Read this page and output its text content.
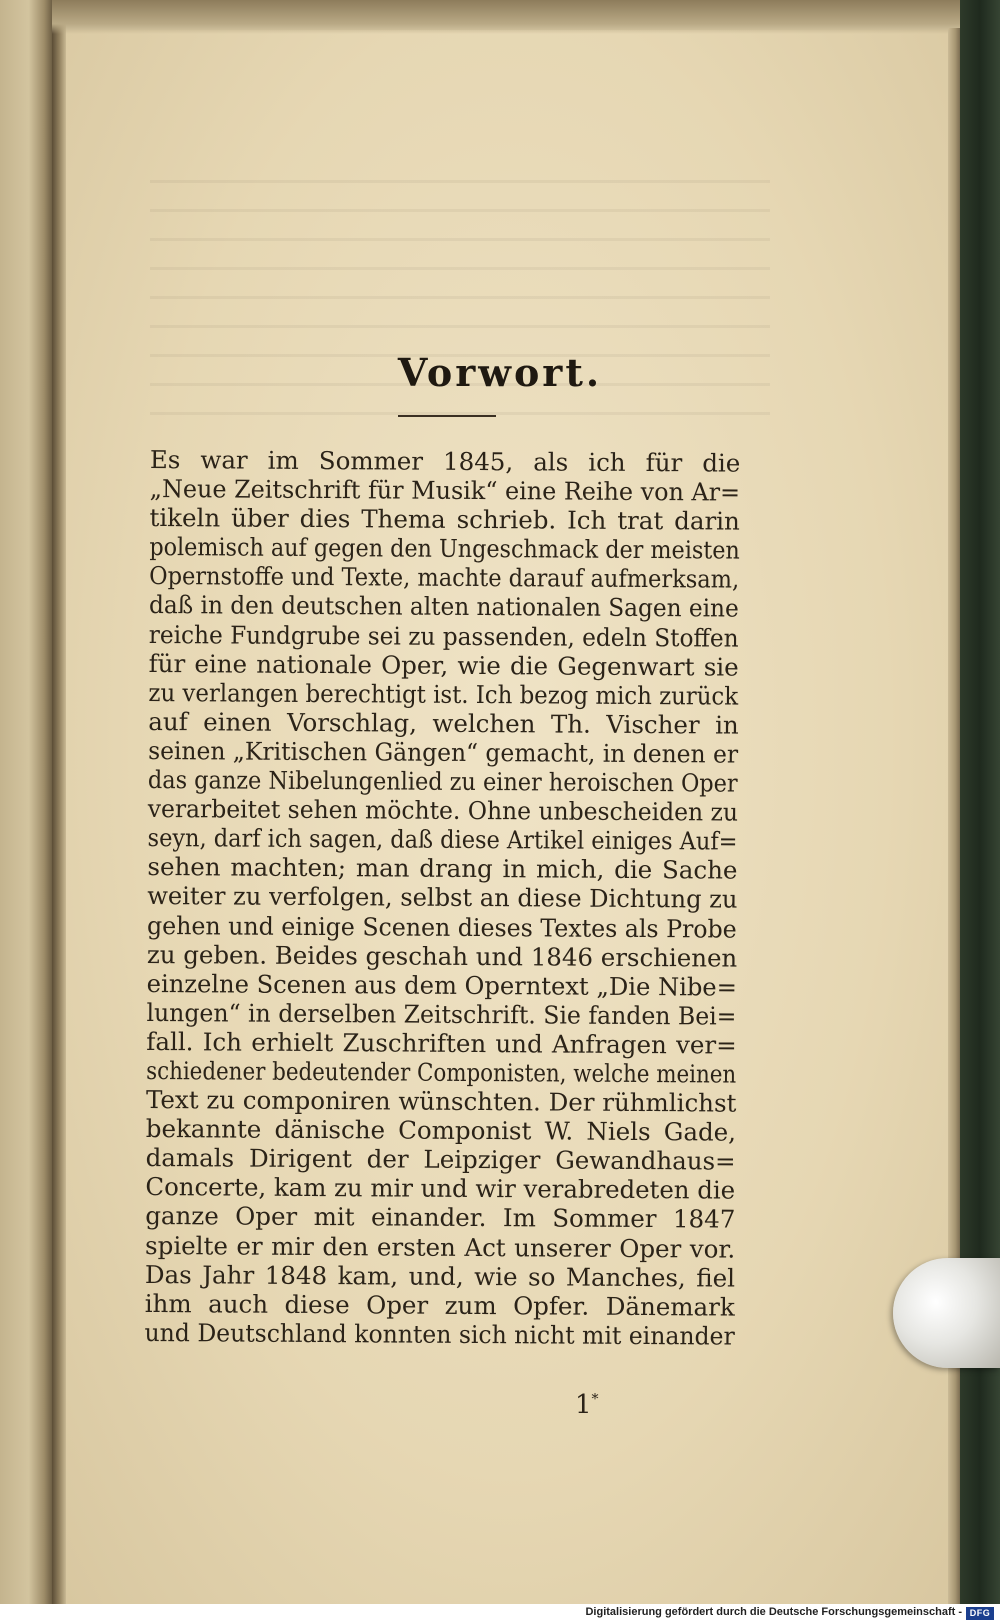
Vorwort.
Es war im Sommer 1845, als ich für die
„Neue Zeitschrift für Musik“ eine Reihe von Ar=
tikeln über dies Thema schrieb. Ich trat darin
polemisch auf gegen den Ungeschmack der meisten
Opernstoffe und Texte, machte darauf aufmerksam,
daß in den deutschen alten nationalen Sagen eine
reiche Fundgrube sei zu passenden, edeln Stoffen
für eine nationale Oper, wie die Gegenwart sie
zu verlangen berechtigt ist. Ich bezog mich zurück
auf einen Vorschlag, welchen Th. Vischer in
seinen „Kritischen Gängen“ gemacht, in denen er
das ganze Nibelungenlied zu einer heroischen Oper
verarbeitet sehen möchte. Ohne unbescheiden zu
seyn, darf ich sagen, daß diese Artikel einiges Auf=
sehen machten; man drang in mich, die Sache
weiter zu verfolgen, selbst an diese Dichtung zu
gehen und einige Scenen dieses Textes als Probe
zu geben. Beides geschah und 1846 erschienen
einzelne Scenen aus dem Operntext „Die Nibe=
lungen“ in derselben Zeitschrift. Sie fanden Bei=
fall. Ich erhielt Zuschriften und Anfragen ver=
schiedener bedeutender Componisten, welche meinen
Text zu componiren wünschten. Der rühmlichst
bekannte dänische Componist W. Niels Gade,
damals Dirigent der Leipziger Gewandhaus=
Concerte, kam zu mir und wir verabredeten die
ganze Oper mit einander. Im Sommer 1847
spielte er mir den ersten Act unserer Oper vor.
Das Jahr 1848 kam, und, wie so Manches, fiel
ihm auch diese Oper zum Opfer. Dänemark
und Deutschland konnten sich nicht mit einander
1*
Digitalisierung gefördert durch die Deutsche Forschungsgemeinschaft - DFG
